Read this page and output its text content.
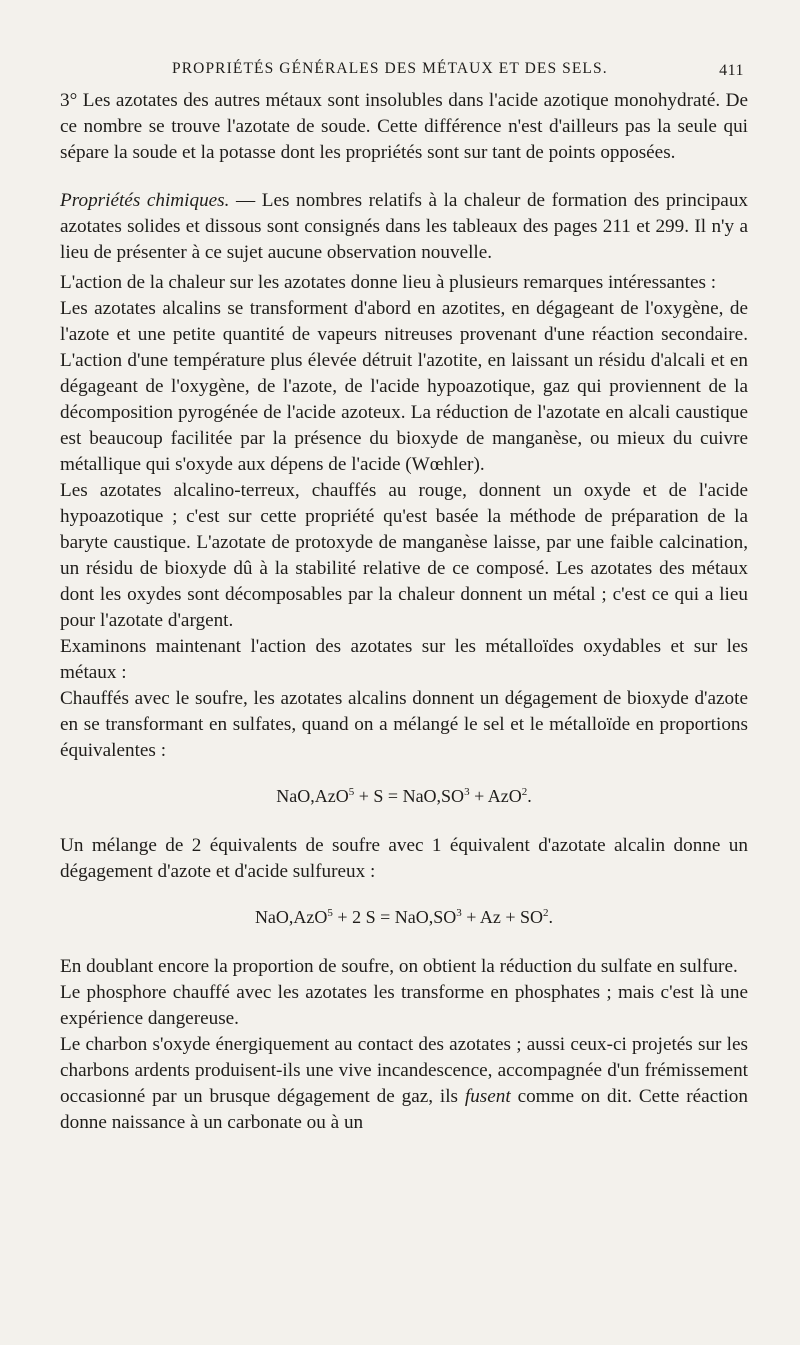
PROPRIÉTÉS GÉNÉRALES DES MÉTAUX ET DES SELS.	411

3° Les azotates des autres métaux sont insolubles dans l'acide azotique monohydraté. De ce nombre se trouve l'azotate de soude. Cette différence n'est d'ailleurs pas la seule qui sépare la soude et la potasse dont les propriétés sont sur tant de points opposées.

Propriétés chimiques. — Les nombres relatifs à la chaleur de formation des principaux azotates solides et dissous sont consignés dans les tableaux des pages 211 et 299. Il n'y a lieu de présenter à ce sujet aucune observation nouvelle.

L'action de la chaleur sur les azotates donne lieu à plusieurs remarques intéressantes :

Les azotates alcalins se transforment d'abord en azotites, en dégageant de l'oxygène, de l'azote et une petite quantité de vapeurs nitreuses provenant d'une réaction secondaire. L'action d'une température plus élevée détruit l'azotite, en laissant un résidu d'alcali et en dégageant de l'oxygène, de l'azote, de l'acide hypoazotique, gaz qui proviennent de la décomposition pyrogénée de l'acide azoteux. La réduction de l'azotate en alcali caustique est beaucoup facilitée par la présence du bioxyde de manganèse, ou mieux du cuivre métallique qui s'oxyde aux dépens de l'acide (Wœhler).

Les azotates alcalino-terreux, chauffés au rouge, donnent un oxyde et de l'acide hypoazotique ; c'est sur cette propriété qu'est basée la méthode de préparation de la baryte caustique. L'azotate de protoxyde de manganèse laisse, par une faible calcination, un résidu de bioxyde dû à la stabilité relative de ce composé. Les azotates des métaux dont les oxydes sont décomposables par la chaleur donnent un métal ; c'est ce qui a lieu pour l'azotate d'argent.

Examinons maintenant l'action des azotates sur les métalloïdes oxydables et sur les métaux :

Chauffés avec le soufre, les azotates alcalins donnent un dégagement de bioxyde d'azote en se transformant en sulfates, quand on a mélangé le sel et le métalloïde en proportions équivalentes :

$NaO,AzO^5 + S = NaO,SO^3 + AzO^2$.

Un mélange de 2 équivalents de soufre avec 1 équivalent d'azotate alcalin donne un dégagement d'azote et d'acide sulfureux :

NaO,AzO$^5$ + 2 $S = NaO,SO^3 + Az + SO^2$.

En doublant encore la proportion de soufre, on obtient la réduction du sulfate en sulfure.

Le phosphore chauffé avec les azotates les transforme en phosphates ; mais c'est là une expérience dangereuse.

Le charbon s'oxyde énergiquement au contact des azotates ; aussi ceux-ci projetés sur les charbons ardents produisent-ils une vive incandescence, accompagnée d'un frémissement occasionné par un brusque dégagement de gaz, ils fusent comme on dit. Cette réaction donne naissance à un carbonate ou à un
